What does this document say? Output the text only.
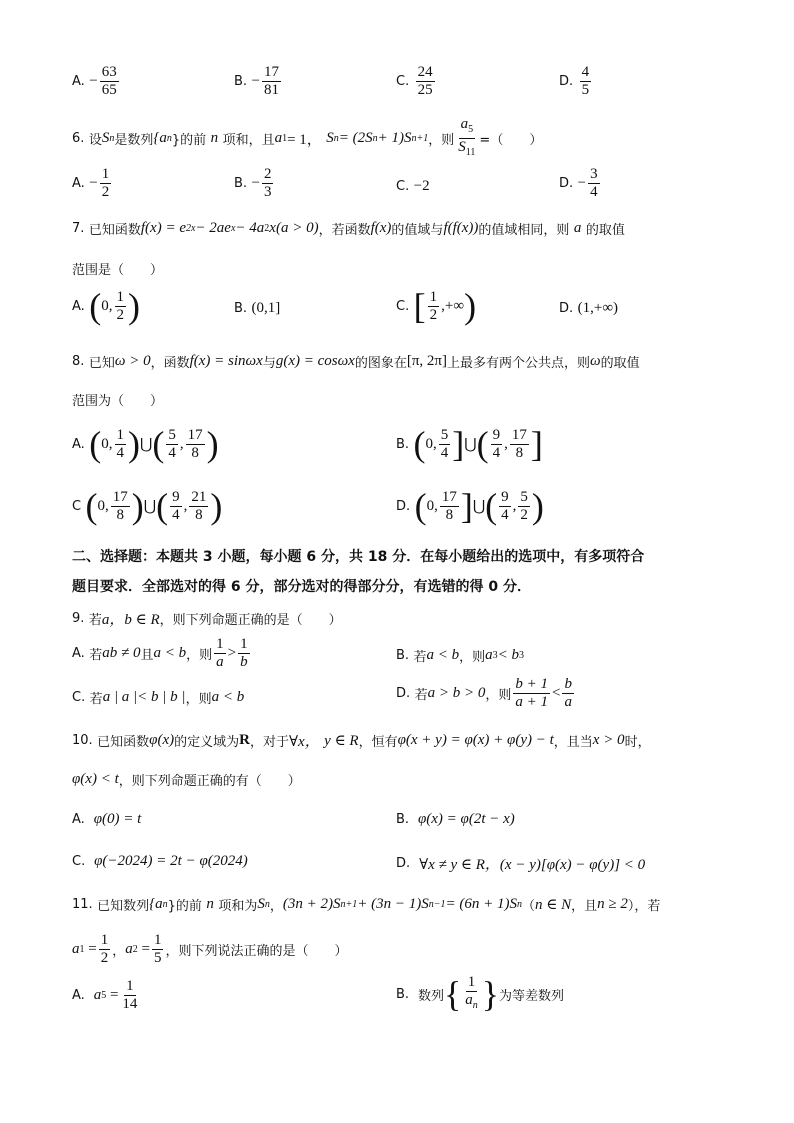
A.
− $\frac{63}{65}$	B.
− $\frac{17}{81}$	C.
$\frac{24}{25}$	D.
$\frac{4}{5}$
6.
设 S n 是数列 {a n }的前
n
项和，且 a 1 = 1，
S n = (2S n + 1)S n+1 ，则 $\frac{a_5}{S_{11}}$ =（　　）
A.
− $\frac{1}{2}$	B.
− $\frac{2}{3}$	C.
−2	D.
− $\frac{3}{4}$
7.
已知函数 f(x) = e 2x − 2ae x − 4a 2 x(a > 0) ，若函数 f(x) 的值域与 f(f(x)) 的值域相同，则
a
的取值
范围是（　　）
A.
( 0, $\frac{1}{2}$ )	B.
(0,1]	C.
[ $\frac{1}{2}$ ,+∞ )	D.
(1,+∞)
8.
已知 ω > 0 ，函数 f(x) = sinωx 与 g(x) = cosωx 的图象在 [π, 2π] 上最多有两个公共点，则 ω 的取值
范围为（　　）
A.
( 0, $\frac{1}{4}$ ) ⋃ ( $\frac{5}{4}$ , $\frac{17}{8}$ )	B.
( 0, $\frac{5}{4}$ ] ⋃ ( $\frac{9}{4}$ , $\frac{17}{8}$ ]
C
( 0, $\frac{17}{8}$ ) ⋃ ( $\frac{9}{4}$ , $\frac{21}{8}$ )	D.
( 0, $\frac{17}{8}$ ] ⋃ ( $\frac{9}{4}$ , $\frac{5}{2}$ )
二、选择题：本题共 3 小题，每小题 6 分，共 18 分．在每小题给出的选项中，有多项符合
题目要求．全部选对的得 6 分，部分选对的得部分分，有选错的得 0 分．
9.
若 a，b ∈ R ，则下列命题正确的是（　　）
A.
若 ab ≠ 0 且 a < b ，则 $\frac{1}{a} > \frac{1}{b}$	B.
若 a < b ，则 a 3 < b 3
C.
若 a | a |< b | b | ，则 a < b	D.
若 a > b > 0 ，则 $\frac{b + 1}{a + 1} < \frac{b}{a}$
10.
已知函数 φ(x) 的定义域为 R ，对于 ∀x，
y ∈ R ，恒有 φ(x + y) = φ(x) + φ(y) − t ，且当 x > 0 时，
φ(x) < t ，则下列命题正确的有（　　）
A.
φ(0) = t	B.
φ(x) = φ(2t − x)
C.
φ(−2024) = 2t − φ(2024)	D.
∀x ≠ y ∈ R，(x − y)[φ(x) − φ(y)] < 0
11.
已知数列 {a n }的前
n
项和为 S n ， (3n + 2)S n+1 + (3n − 1)S n−1 = (6n + 1)S n （ n ∈ N ，且 n ≥ 2 ），若
a $1 = \frac{1}{2}$ ， a $2 = \frac{1}{5}$ ，则下列说法正确的是（　　）
A.
a $5 = \frac{1}{14}$	B.
数列 { $\frac{1}{a_n}$ } 为等差数列
